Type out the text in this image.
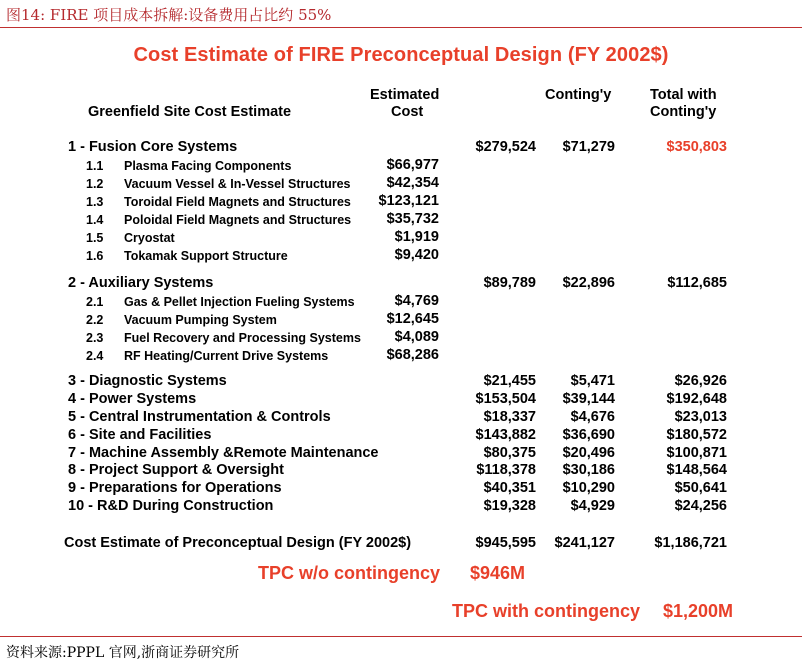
图14: FIRE 项目成本拆解:设备费用占比约 55%
Cost Estimate of FIRE Preconceptual Design (FY 2002$)
Greenfield Site Cost Estimate
Estimated
Cost
Conting'y	Total with
Conting'y
1 - Fusion Core Systems	$279,524 $71,279	$350,803
1.1 Plasma Facing Components	$66,977
1.2 Vacuum Vessel & In-Vessel Structures $42,354
1.3 Toroidal Field Magnets and Structures $123,121
1.4 Poloidal Field Magnets and Structures $35,732
1.5 Cryostat	$1,919
1.6 Tokamak Support Structure	$9,420
2 - Auxiliary Systems	$89,789 $22,896	$112,685
2.1 Gas & Pellet Injection Fueling Systems	$4,769
2.2 Vacuum Pumping System	$12,645
2.3 Fuel Recovery and Processing Systems $4,089
2.4 RF Heating/Current Drive Systems	$68,286
3 - Diagnostic Systems	$21,455 $5,471	$26,926
4 - Power Systems	$153,504 $39,144	$192,648
5 - Central Instrumentation & Controls	$18,337 $4,676	$23,013
6 - Site and Facilities	$143,882 $36,690	$180,572
7 - Machine Assembly &Remote Maintenance	$80,375 $20,496	$100,871
8 - Project Support & Oversight	$118,378 $30,186	$148,564
9 - Preparations for Operations	$40,351 $10,290	$50,641
10 - R&D During Construction	$19,328 $4,929	$24,256
Cost Estimate of Preconceptual Design (FY 2002$)	$945,595 $241,127	$1,186,721
TPC w/o contingency $946M
TPC with contingency $1,200M
资料来源:PPPL 官网,浙商证券研究所
